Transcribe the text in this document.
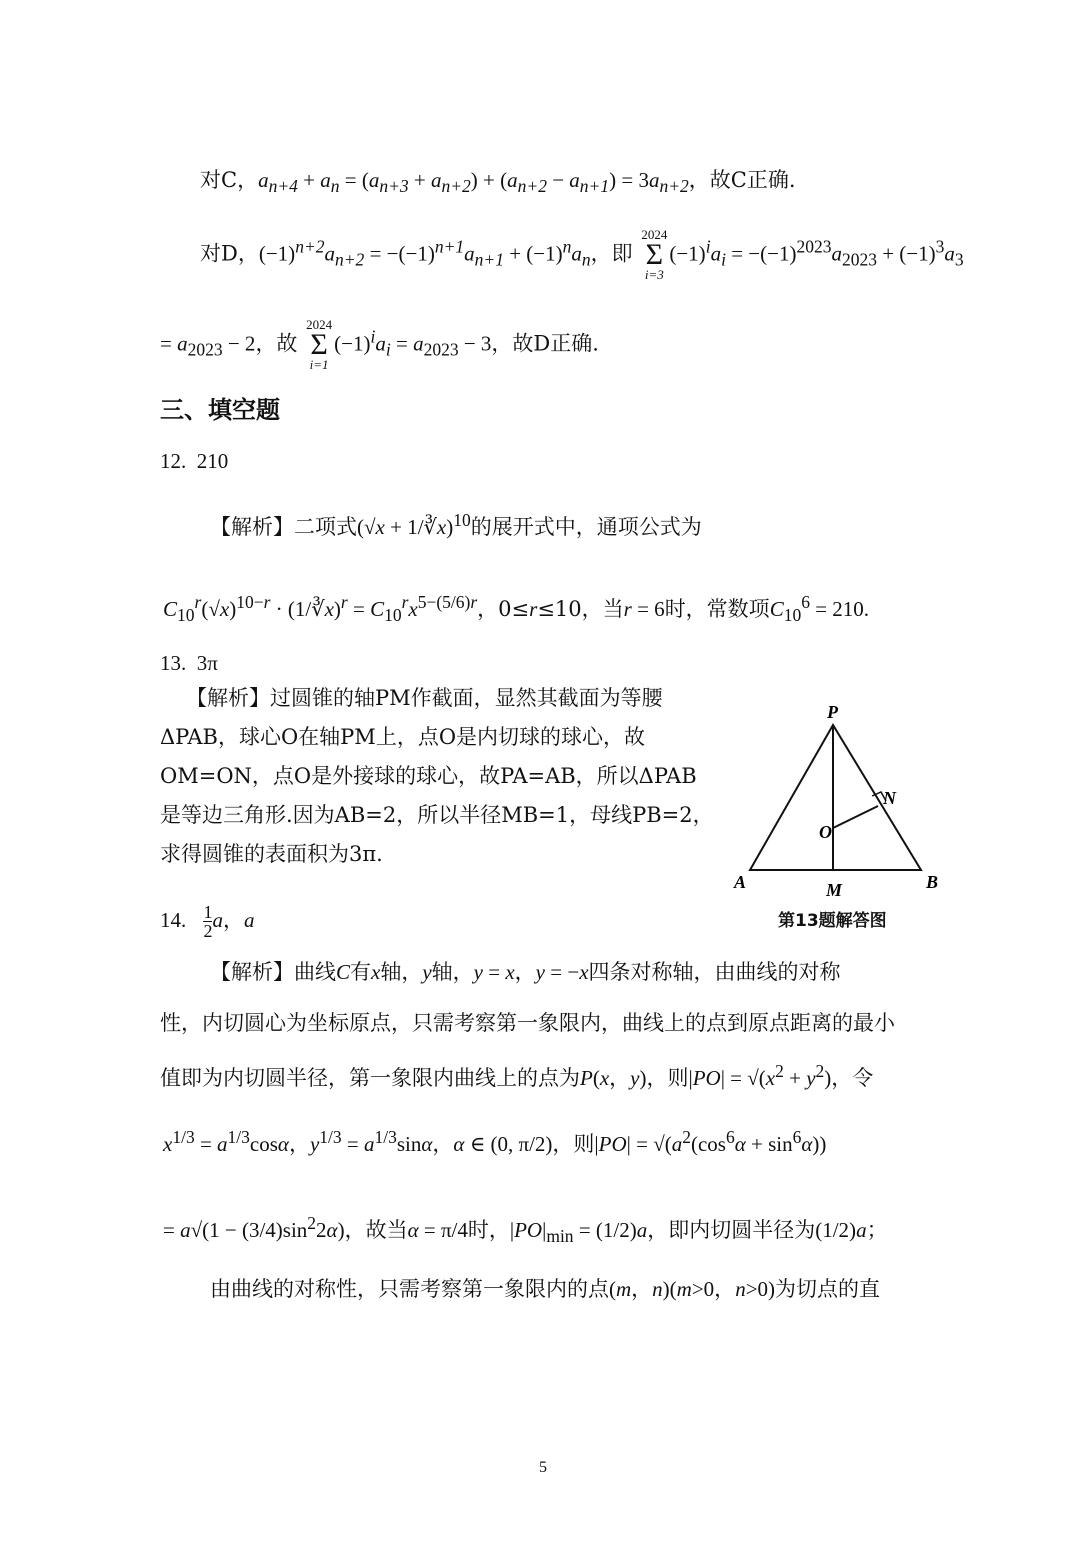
对C，$a_{n+4} + a_n = (a_{n+3} + a_{n+2}) + (a_{n+2} - a_{n+1}) = 3a_{n+2}$，故C正确.
对D，$(-1)^{n+2}a_{n+2} = -(-1)^{n+1}a_{n+1} + (-1)^na_n$，即
2024
Σ
i=3
$(-1)^ia_i = -(-1)^{2023}a_{2023} + (-1)^3a_3$
= $a_{2023} - 2$，故
2024
Σ
i=1
$(-1)^ia_i = a_{2023} - 3$，故D正确.
三、填空题
12.  210
【解析】二项式(√x + 1/∛x)$^{10}$的展开式中，通项公式为
$C_{10}^r(√x)^{10-r}$ · (1/∛x)$^r$ = $C_{10}^rx^{5-(5/6)r}$，0≤r≤10，当r = 6时，常数项$C_{10}^6 = 210$.
13.  3π
【解析】过圆锥的轴PM作截面，显然其截面为等腰
ΔPAB，球心O在轴PM上，点O是内切球的球心，故
OM=ON，点O是外接球的球心，故PA=AB，所以ΔPAB
是等边三角形.因为AB=2，所以半径MB=1，母线PB=2，
求得圆锥的表面积为3π.
P
N
O
A	M	B
第13题解答图
14. $\frac{1}{2}$ a，a
【解析】曲线C有x轴，y轴，y = x，y = −x四条对称轴，由曲线的对称
性，内切圆心为坐标原点，只需考察第一象限内，曲线上的点到原点距离的最小
值即为内切圆半径，第一象限内曲线上的点为P(x，y)，则$|PO| = √(x^2 + y^2)$，令
$x^{1/3} = a^{1/3}\cos\alpha$，$y^{1/3} = a^{1/3}\sin\alpha$，α ∈ (0, π/2)，则$|PO| = √(a^2(\cos^6\alpha + \sin^6\alpha))$
= $a√(1 - (3/4)\sin^22\alpha)$，故当α = π/4时，$|PO|_{min} = (1/2)a$，即内切圆半径为(1/2)a；
由曲线的对称性，只需考察第一象限内的点(m，n)(m>0，n>0)为切点的直
5
